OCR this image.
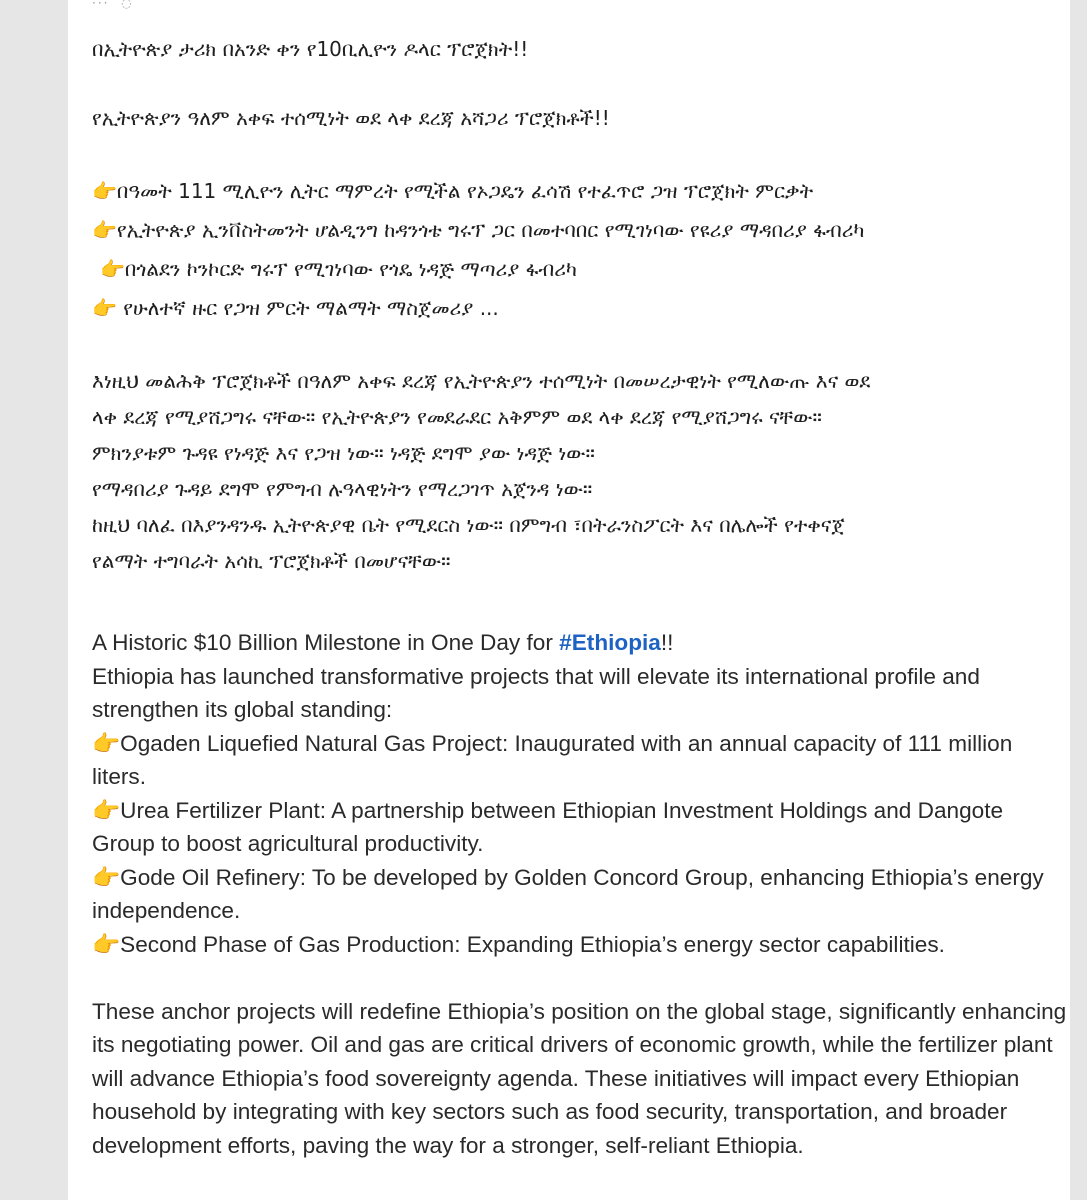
···  ◌
በኢትዮጵያ ታሪክ በአንድ ቀን የ10ቢሊዮን ዶላር ፕሮጀክት!!
የኢትዮጵያን ዓለም አቀፍ ተሰሚነት ወደ ላቀ ደረጃ አሻጋሪ ፕሮጀክቶች!!
👉በዓመት 111 ሚሊዮን ሊትር ማምረት የሚችል የኦጋዴን ፈሳሽ የተፈጥሮ ጋዝ ፕሮጀክት ምርቃት
👉የኢትዮጵያ ኢንቨስትመንት ሆልዲንግ ከዳንጎቴ ግሩፕ ጋር በመተባበር የሚገነባው የዩሪያ ማዳበሪያ ፋብሪካ
👉በጎልደን ኮንኮርድ ግሩፕ የሚገነባው የጎዴ ነዳጅ ማጣሪያ ፋብሪካ
👉 የሁለተኛ ዙር የጋዝ ምርት ማልማት ማስጀመሪያ ...
እነዚህ መልሕቅ ፕሮጀክቶች በዓለም አቀፍ ደረጃ የኢትዮጵያን ተሰሚነት በመሠረታዊነት የሚለውጡ እና ወደ
ላቀ ደረጃ የሚያሸጋግሩ ናቸው። የኢትዮጵያን የመደራደር አቅምም ወደ ላቀ ደረጃ የሚያሸጋግሩ ናቸው።
ምክንያቱም ጉዳዩ የነዳጅ እና የጋዝ ነው። ነዳጅ ደግሞ ያው ነዳጅ ነው።
የማዳበሪያ ጉዳይ ደግሞ የምግብ ሉዓላዊነትን የማረጋገጥ አጀንዳ ነው።
ከዚህ ባለፈ በእያንዳንዱ ኢትዮጵያዊ ቤት የሚደርስ ነው። በምግብ ፣በትራንስፖርት እና በሌሎች የተቀናጀ
የልማት ተግባራት አሳኪ ፕሮጀክቶች በመሆናቸው።

A Historic $10 Billion Milestone in One Day for #Ethiopia!!

Ethiopia has launched transformative projects that will elevate its international profile and strengthen its global standing:

👉Ogaden Liquefied Natural Gas Project: Inaugurated with an annual capacity of 111 million liters.

👉Urea Fertilizer Plant: A partnership between Ethiopian Investment Holdings and Dangote Group to boost agricultural productivity.

👉Gode Oil Refinery: To be developed by Golden Concord Group, enhancing Ethiopia’s energy independence.

👉Second Phase of Gas Production: Expanding Ethiopia’s energy sector capabilities.

These anchor projects will redefine Ethiopia’s position on the global stage, significantly enhancing its negotiating power. Oil and gas are critical drivers of economic growth, while the fertilizer plant will advance Ethiopia’s food sovereignty agenda. These initiatives will impact every Ethiopian household by integrating with key sectors such as food security, transportation, and broader development efforts, paving the way for a stronger, self-reliant Ethiopia.
